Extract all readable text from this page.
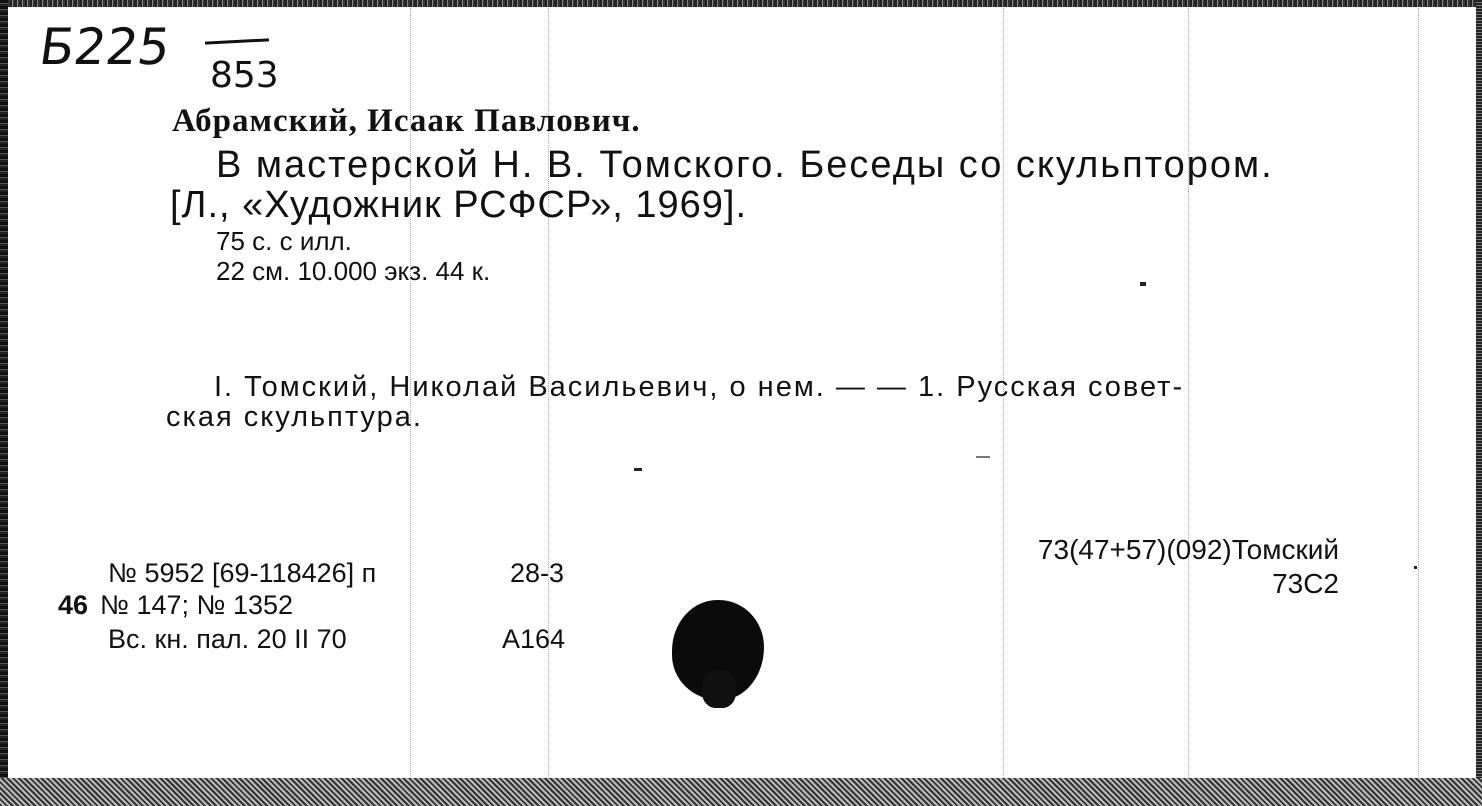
Б225 853
Абрамский, Исаак Павлович.
В мастерской Н. В. Томского. Беседы со скульптором.
[Л., «Художник РСФСР», 1969].
75 с. с илл.
22 см. 10.000 экз. 44 к.
I. Томский, Николай Васильевич, о нем. — — 1. Русская совет-
ская скульптура.
73(47+57)(092)Томский
73С2
№ 5952 [69-118426] п	28-3
46 № 147; № 1352
Вс. кн. пал. 20 II 70	А164
